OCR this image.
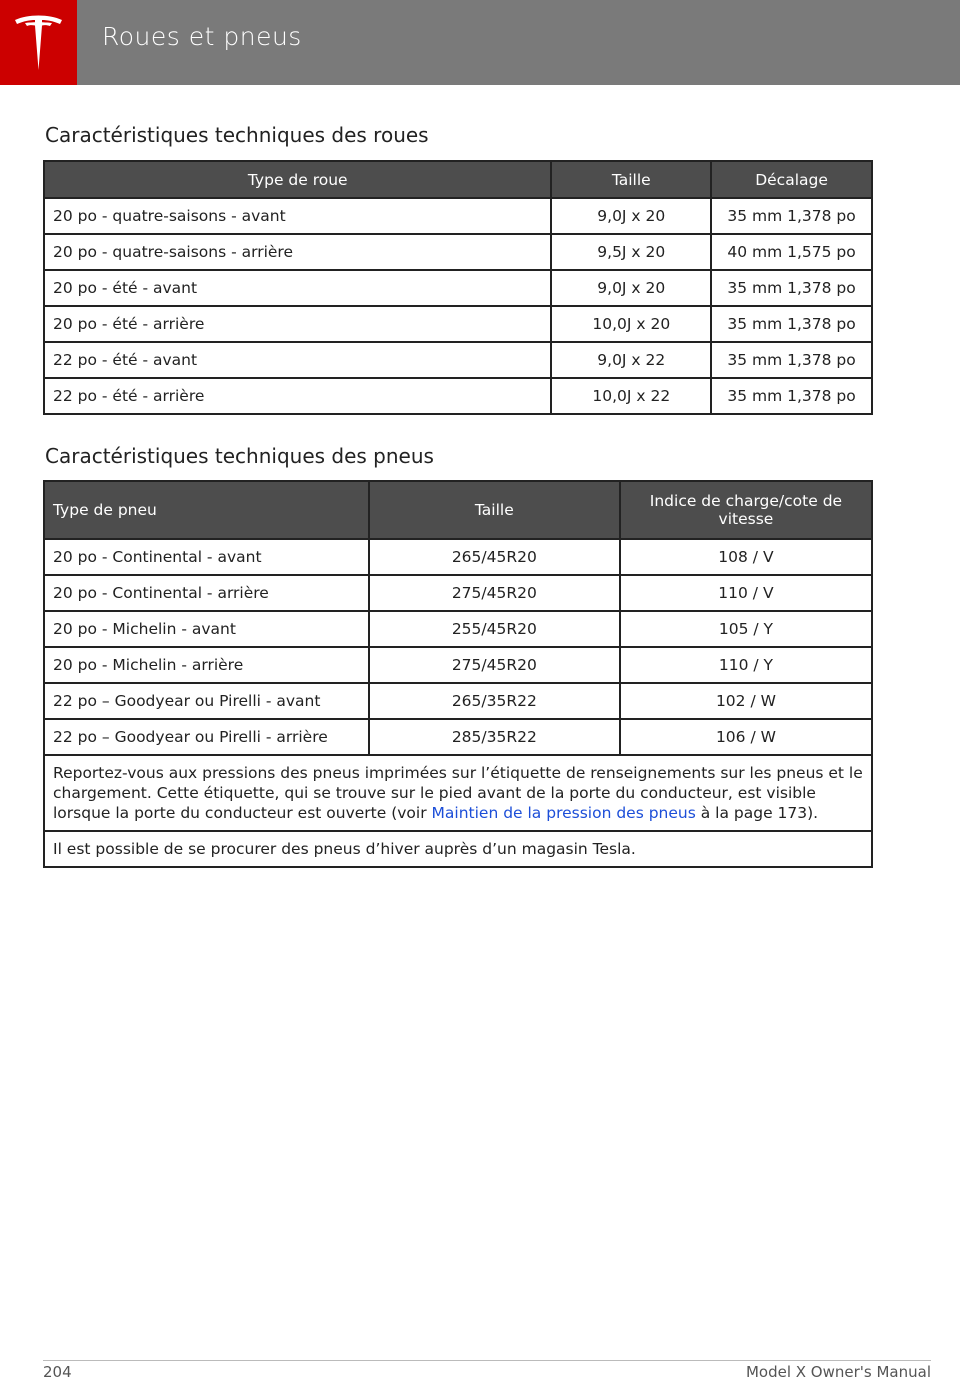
Roues et pneus
Caractéristiques techniques des roues
Type de roue	Taille	Décalage
20 po - quatre-saisons - avant	9,0J x 20	35 mm 1,378 po
20 po - quatre-saisons - arrière	9,5J x 20	40 mm 1,575 po
20 po - été - avant	9,0J x 20	35 mm 1,378 po
20 po - été - arrière	10,0J x 20	35 mm 1,378 po
22 po - été - avant	9,0J x 22	35 mm 1,378 po
22 po - été - arrière	10,0J x 22	35 mm 1,378 po
Caractéristiques techniques des pneus
Type de pneu	Taille	Indice de charge/cote de vitesse
20 po - Continental - avant	265/45R20	108 / V
20 po - Continental - arrière	275/45R20	110 / V
20 po - Michelin - avant	255/45R20	105 / Y
20 po - Michelin - arrière	275/45R20	110 / Y
22 po – Goodyear ou Pirelli - avant	265/35R22	102 / W
22 po – Goodyear ou Pirelli - arrière	285/35R22	106 / W
Reportez-vous aux pressions des pneus imprimées sur l’étiquette de renseignements sur les pneus et le chargement. Cette étiquette, qui se trouve sur le pied avant de la porte du conducteur, est visible lorsque la porte du conducteur est ouverte (voir Maintien de la pression des pneus à la page 173).		
Il est possible de se procurer des pneus d’hiver auprès d’un magasin Tesla.		
204	Model X Owner's Manual
